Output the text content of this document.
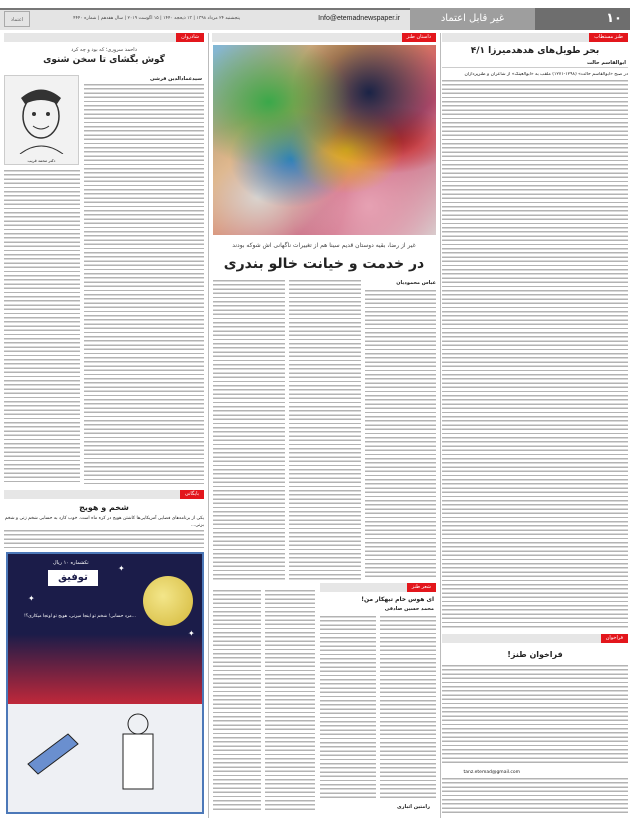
۱۰
غیر قابل اعتماد
Info@etemadnewspaper.ir
پنجشنبه ۲۴ مرداد ۱۳۹۸ | ۱۳ ذیحجه ۱۴۴۰ | ۱۵ اگوست ۲۰۱۹ | سال هفدهم | شماره ۴۴۴۰
اعتماد
طنز مستطاب
بحر طویل‌های هدهدمیرزا ۴/۱
ابوالقاسم حالت
در صبح «ابوالقاسم حالت» (۱۲۹۸-۱۲۷۱) ملقب به «ابوالعینک» از شاعران و طنزپردازان
فراخوان
فراخوان طنز!
tanz.etemad@gmail.com
داستان طنز
غیر از رضا، بقیه دوستان قدیم سینا هم از تغییرات ناگهانی اش شوکه بودند
در خدمت و خیانت خالو بندری
عباس محمودیان
شعر طنز
ای هوس خام تبهکار من!
محمد حسین صادقی
رامتین اثباری
شادروان
داحمد سروری؛ که بود و چه کرد
گوش بگشای تا سخن شنوی
دکتر محمد قریب
سیدعمادالدین قرشی
بایگانی
شخم و هویج
یکی از برنامه‌های فضایی آمریکایی‌ها کاشتن هویج در کره ماه است. خوب کارد به حسابی شخم زنی و شخم بزنی…
تکشماره ۱۰ ریال
توفیق
...مرد حسابی! شخم تو اینجا میزنی، هویج تو اونجا میکاری؟!
✦
✦
✦
